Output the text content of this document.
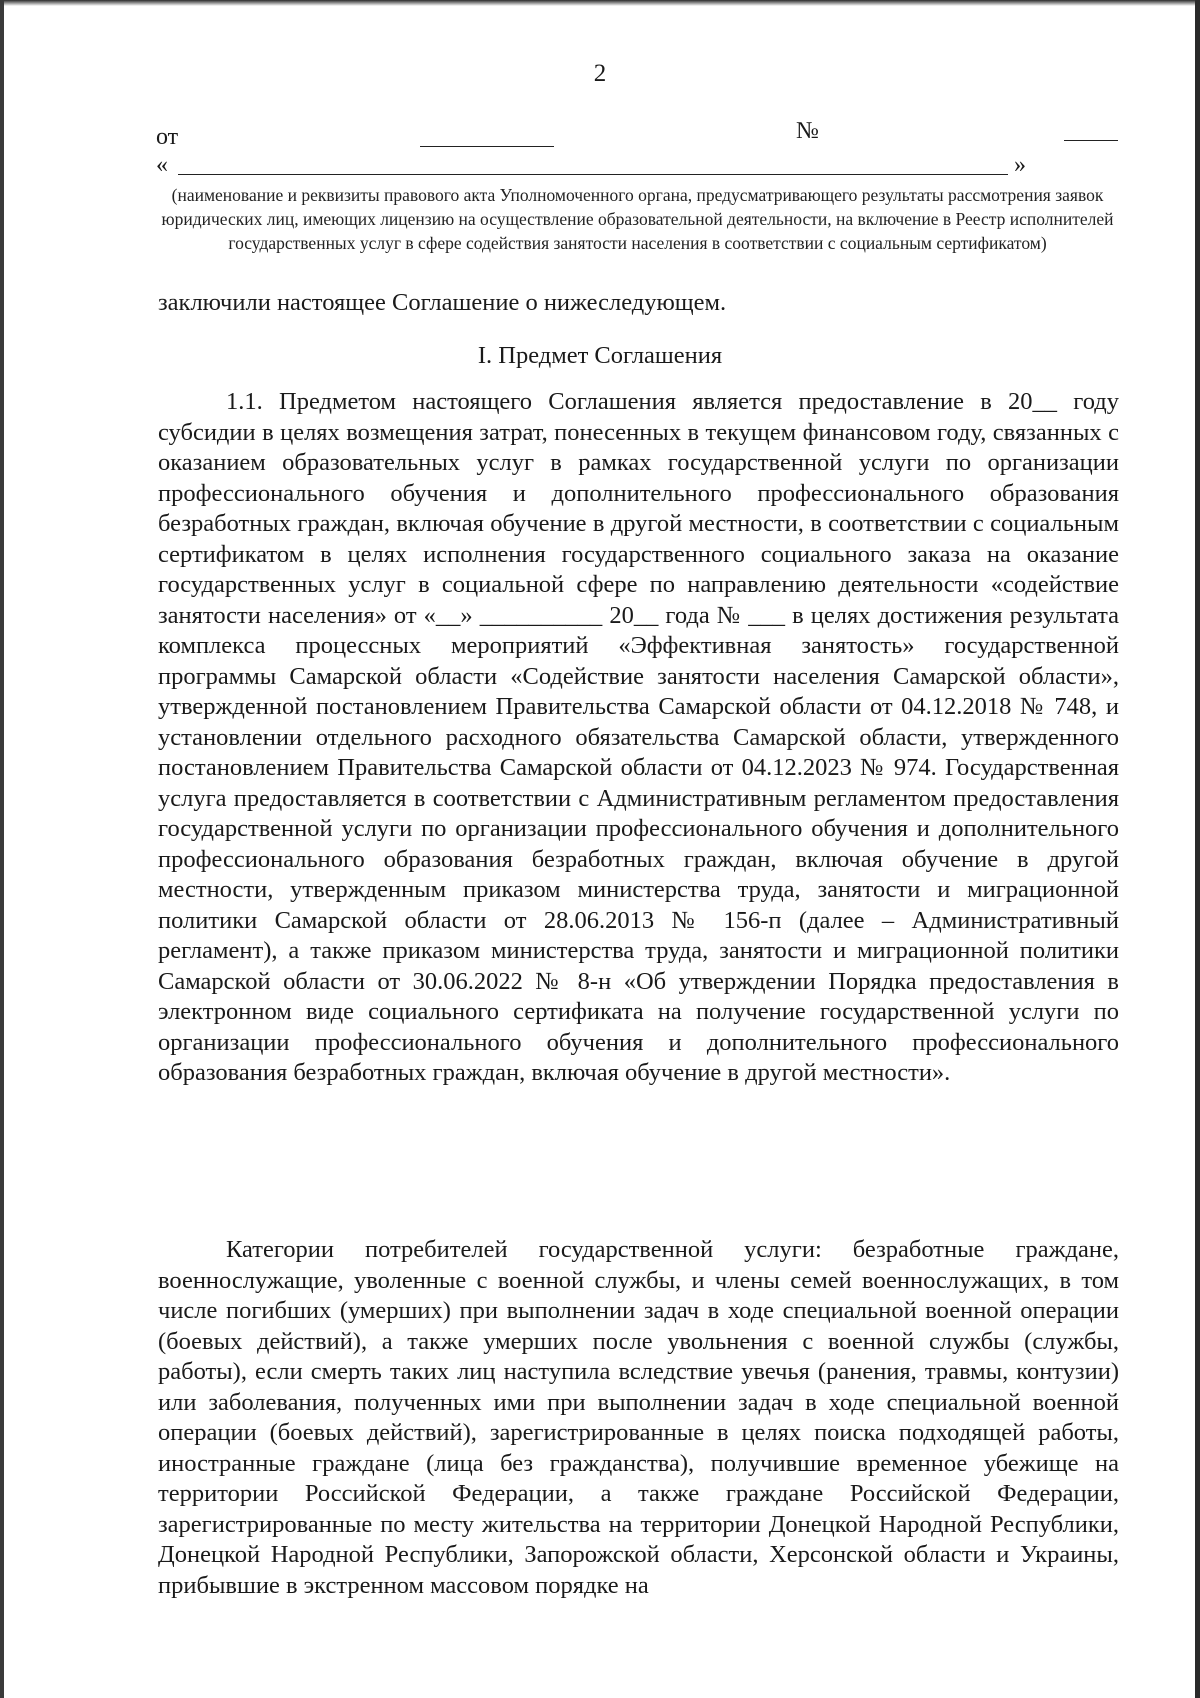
2
от	№
«	»
(наименование и реквизиты правового акта Уполномоченного органа, предусматривающего результаты рассмотрения заявок юридических лиц, имеющих лицензию на осуществление образовательной деятельности, на включение в Реестр исполнителей государственных услуг в сфере содействия занятости населения в соответствии с социальным сертификатом)
заключили настоящее Соглашение о нижеследующем.
I. Предмет Соглашения
1.1. Предметом настоящего Соглашения является предоставление в 20__ году субсидии в целях возмещения затрат, понесенных в текущем финансовом году, связанных с оказанием образовательных услуг в рамках государственной услуги по организации профессионального обучения и дополнительного профессионального образования безработных граждан, включая обучение в другой местности, в соответствии с социальным сертификатом в целях исполнения государственного социального заказа на оказание государственных услуг в социальной сфере по направлению деятельности «содействие занятости населения» от «__» __________ 20__ года № ___ в целях достижения результата комплекса процессных мероприятий «Эффективная занятость» государственной программы Самарской области «Содействие занятости населения Самарской области», утвержденной постановлением Правительства Самарской области от 04.12.2018 № 748, и установлении отдельного расходного обязательства Самарской области, утвержденного постановлением Правительства Самарской области от 04.12.2023 № 974. Государственная услуга предоставляется в соответствии с Административным регламентом предоставления государственной услуги по организации профессионального обучения и дополнительного профессионального образования безработных граждан, включая обучение в другой местности, утвержденным приказом министерства труда, занятости и миграционной политики Самарской области от 28.06.2013 № 156-п (далее – Административный регламент), а также приказом министерства труда, занятости и миграционной политики Самарской области от 30.06.2022 № 8-н «Об утверждении Порядка предоставления в электронном виде социального сертификата на получение государственной услуги по организации профессионального обучения и дополнительного профессионального образования безработных граждан, включая обучение в другой местности».
Категории потребителей государственной услуги: безработные граждане, военнослужащие, уволенные с военной службы, и члены семей военнослужащих, в том числе погибших (умерших) при выполнении задач в ходе специальной военной операции (боевых действий), а также умерших после увольнения с военной службы (службы, работы), если смерть таких лиц наступила вследствие увечья (ранения, травмы, контузии) или заболевания, полученных ими при выполнении задач в ходе специальной военной операции (боевых действий), зарегистрированные в целях поиска подходящей работы, иностранные граждане (лица без гражданства), получившие временное убежище на территории Российской Федерации, а также граждане Российской Федерации, зарегистрированные по месту жительства на территории Донецкой Народной Республики, Донецкой Народной Республики, Запорожской области, Херсонской области и Украины, прибывшие в экстренном массовом порядке на
